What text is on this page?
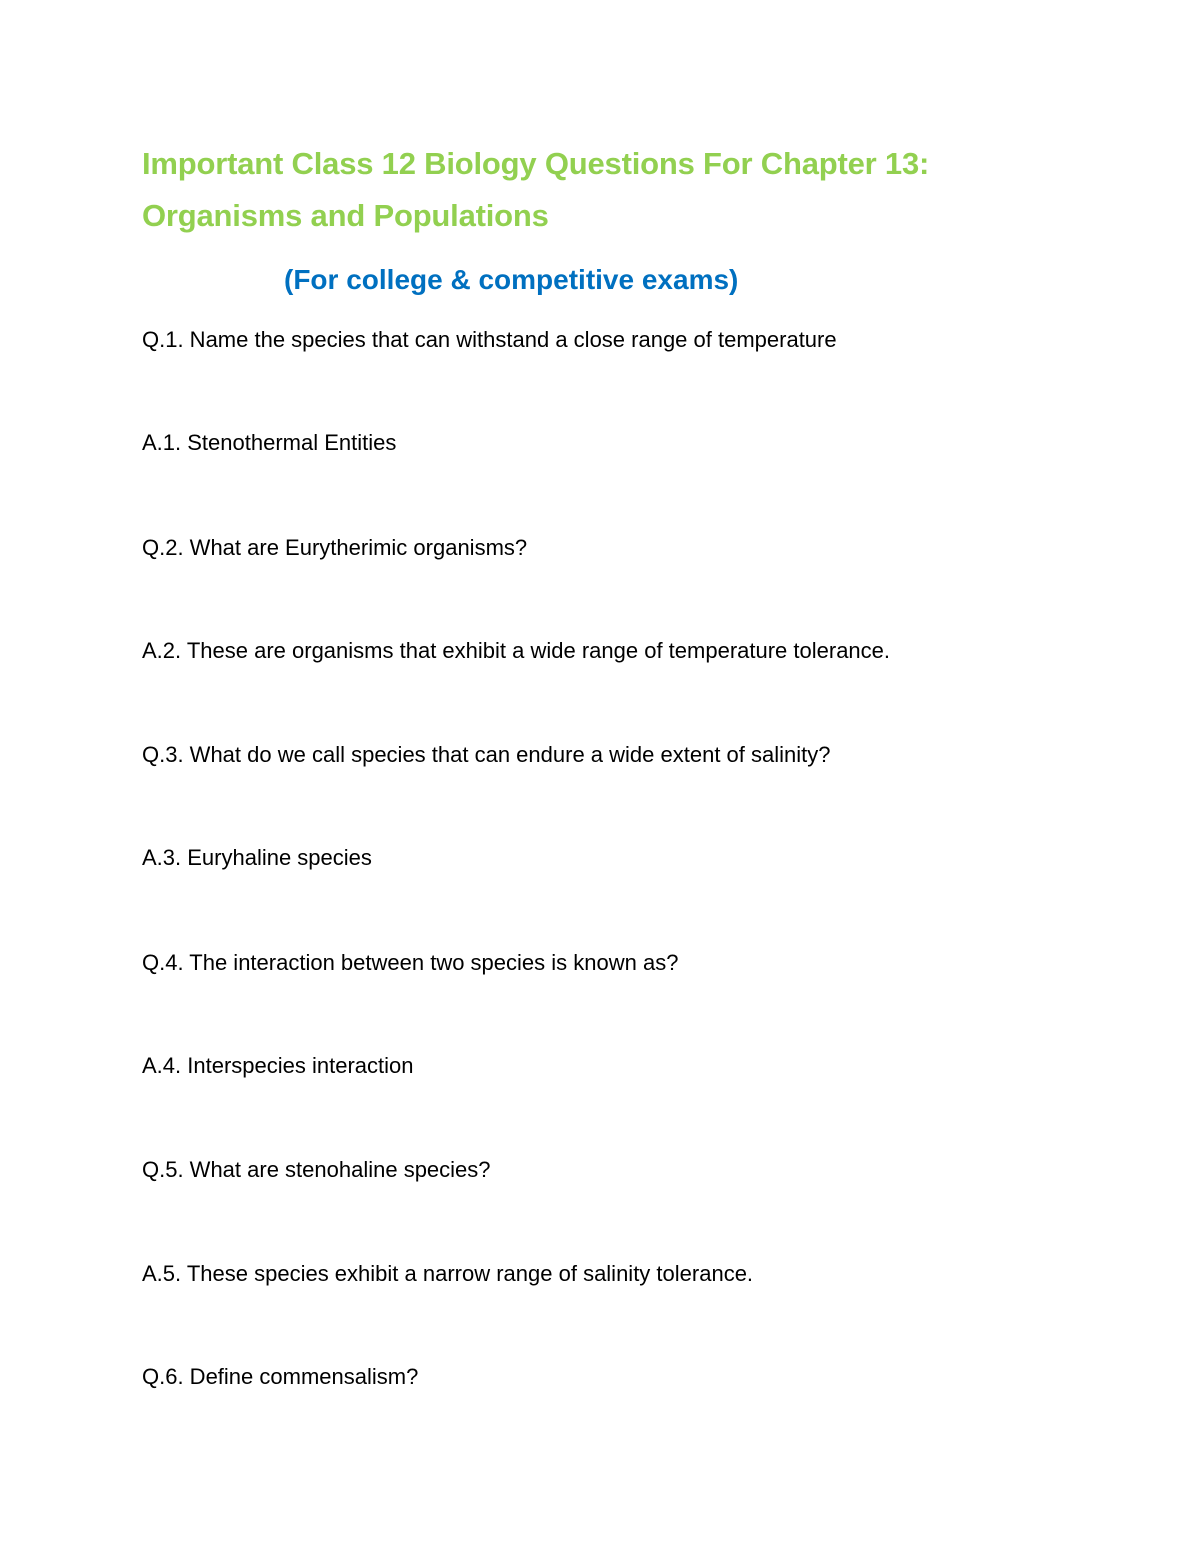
Important Class 12 Biology Questions For Chapter 13:
Organisms and Populations
(For college & competitive exams)
Q.1. Name the species that can withstand a close range of temperature
A.1. Stenothermal Entities
Q.2. What are Eurytherimic organisms?
A.2. These are organisms that exhibit a wide range of temperature tolerance.
Q.3. What do we call species that can endure a wide extent of salinity?
A.3. Euryhaline species
Q.4. The interaction between two species is known as?
A.4. Interspecies interaction
Q.5. What are stenohaline species?
A.5. These species exhibit a narrow range of salinity tolerance.
Q.6. Define commensalism?
